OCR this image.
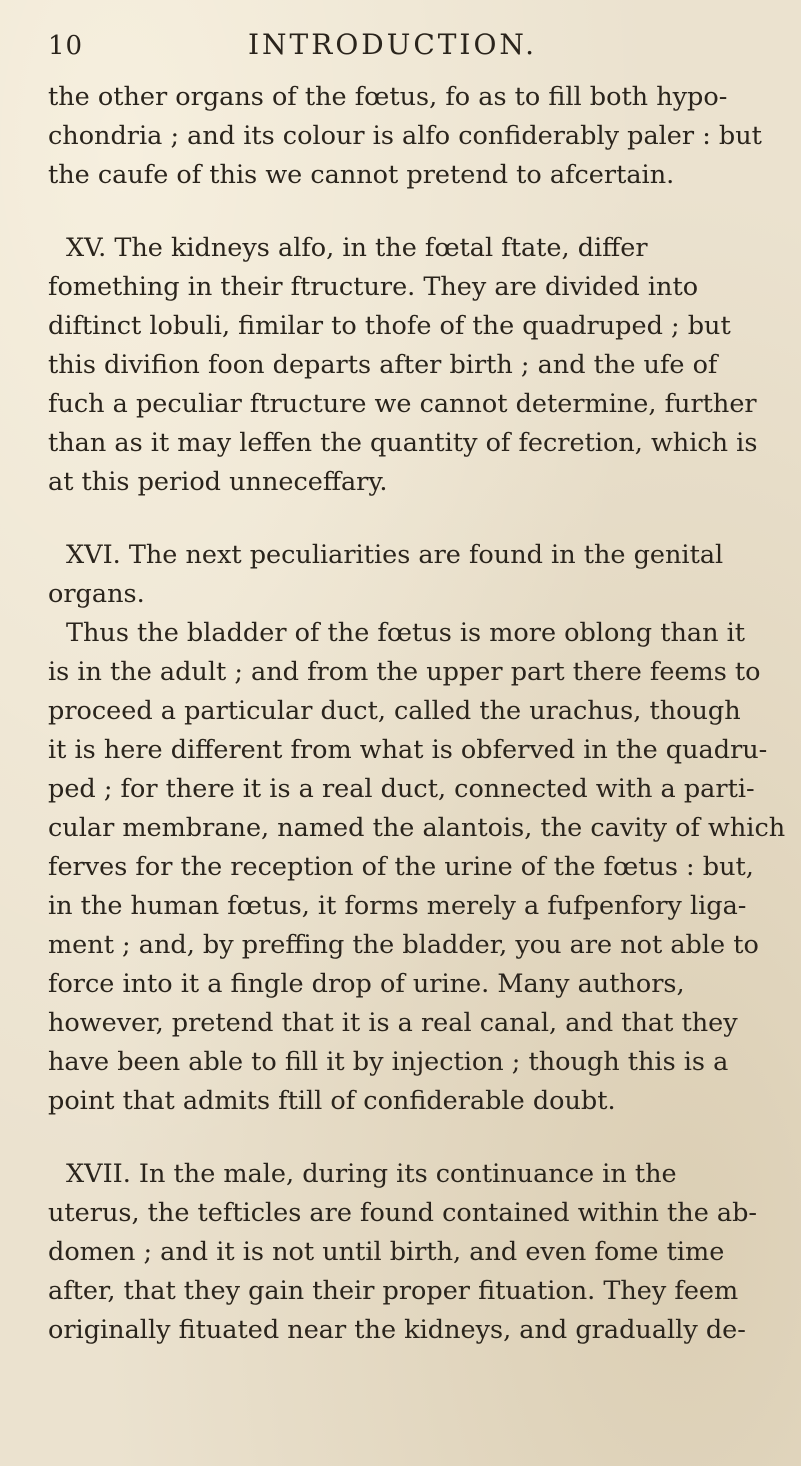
10	INTRODUCTION.
the other organs of the fœtus, fo as to fill both hypo-
chondria ; and its colour is alfo confiderably paler : but
the caufe of this we cannot pretend to afcertain.
XV. The kidneys alfo, in the fœtal ftate, differ
fomething in their ftructure. They are divided into
diftinct lobuli, fimilar to thofe of the quadruped ; but
this divifion foon departs after birth ; and the ufe of
fuch a peculiar ftructure we cannot determine, further
than as it may leffen the quantity of fecretion, which is
at this period unneceffary.
XVI. The next peculiarities are found in the genital
organs.
Thus the bladder of the fœtus is more oblong than it
is in the adult ; and from the upper part there feems to
proceed a particular duct, called the urachus, though
it is here different from what is obferved in the quadru-
ped ; for there it is a real duct, connected with a parti-
cular membrane, named the alantois, the cavity of which
ferves for the reception of the urine of the fœtus : but,
in the human fœtus, it forms merely a fufpenfory liga-
ment ; and, by preffing the bladder, you are not able to
force into it a fingle drop of urine. Many authors,
however, pretend that it is a real canal, and that they
have been able to fill it by injection ; though this is a
point that admits ftill of confiderable doubt.
XVII. In the male, during its continuance in the
uterus, the tefticles are found contained within the ab-
domen ; and it is not until birth, and even fome time
after, that they gain their proper fituation. They feem
originally fituated near the kidneys, and gradually de-
